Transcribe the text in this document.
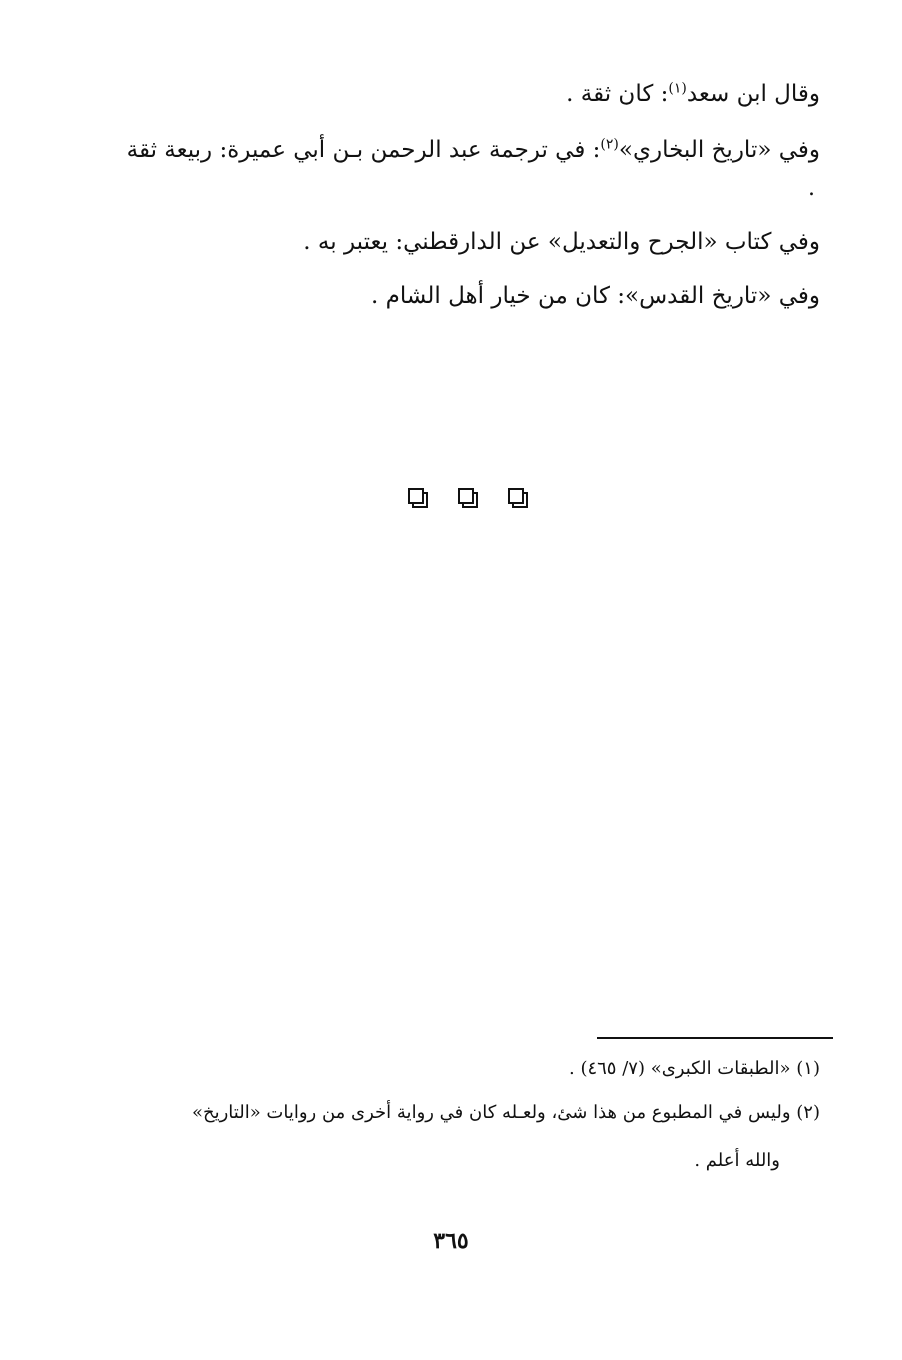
وقال ابن سعد$^{(١)}$: كان ثقة .
وفي «تاريخ البخاري»$^{(٢)}$: في ترجمة عبد الرحمن بـن أبي عميرة: ربيعة ثقة
.
وفي كتاب «الجرح والتعديل» عن الدارقطني: يعتبر به .
وفي «تاريخ القدس»: كان من خيار أهل الشام .
(١) «الطبقات الكبرى» (٧/ ٤٦٥) .
(٢) وليس في المطبوع من هذا شئ، ولعـله كان في رواية أخرى من روايات «التاريخ»
والله أعلم .
٣٦٥
